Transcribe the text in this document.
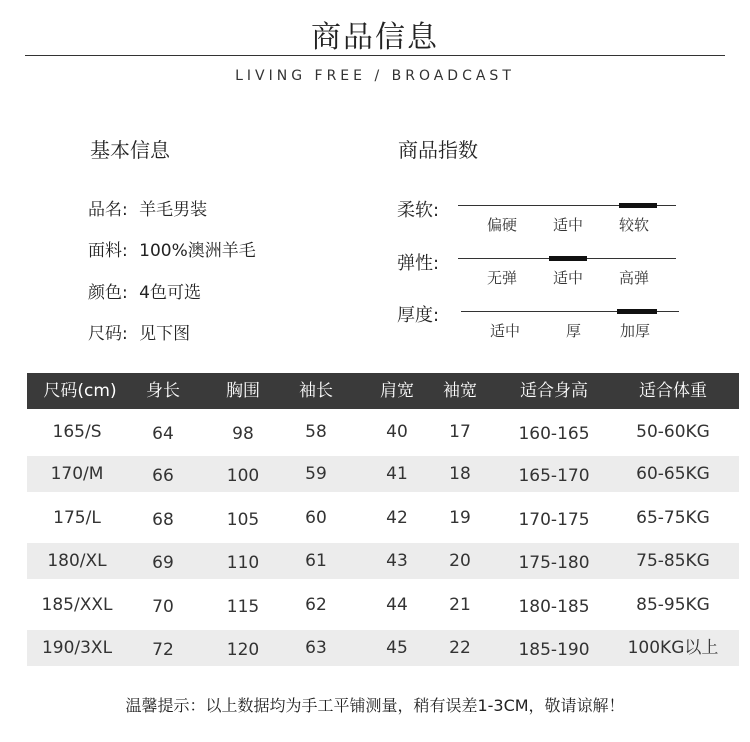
商品信息
LIVING FREE / BROADCAST
基本信息
品名: 羊毛男装
面料: 100%澳洲羊毛
颜色: 4色可选
尺码: 见下图
商品指数
柔软:
偏硬 适中 较软
弹性:
无弹 适中 高弹
厚度:
适中	厚	加厚
尺码(cm)	身长	胸围	袖长	肩宽	袖宽	适合身高	适合体重
165/S	64	98	58	40	17	160-165	50-60KG
170/M	66	100	59	41	18	165-170	60-65KG
175/L	68	105	60	42	19	170-175	65-75KG
180/XL	69	110	61	43	20	175-180	75-85KG
185/XXL	70	115	62	44	21	180-185	85-95KG
190/3XL	72	120	63	45	22	185-190	100KG以上
温馨提示：以上数据均为手工平铺测量，稍有误差1-3CM，敬请谅解！
